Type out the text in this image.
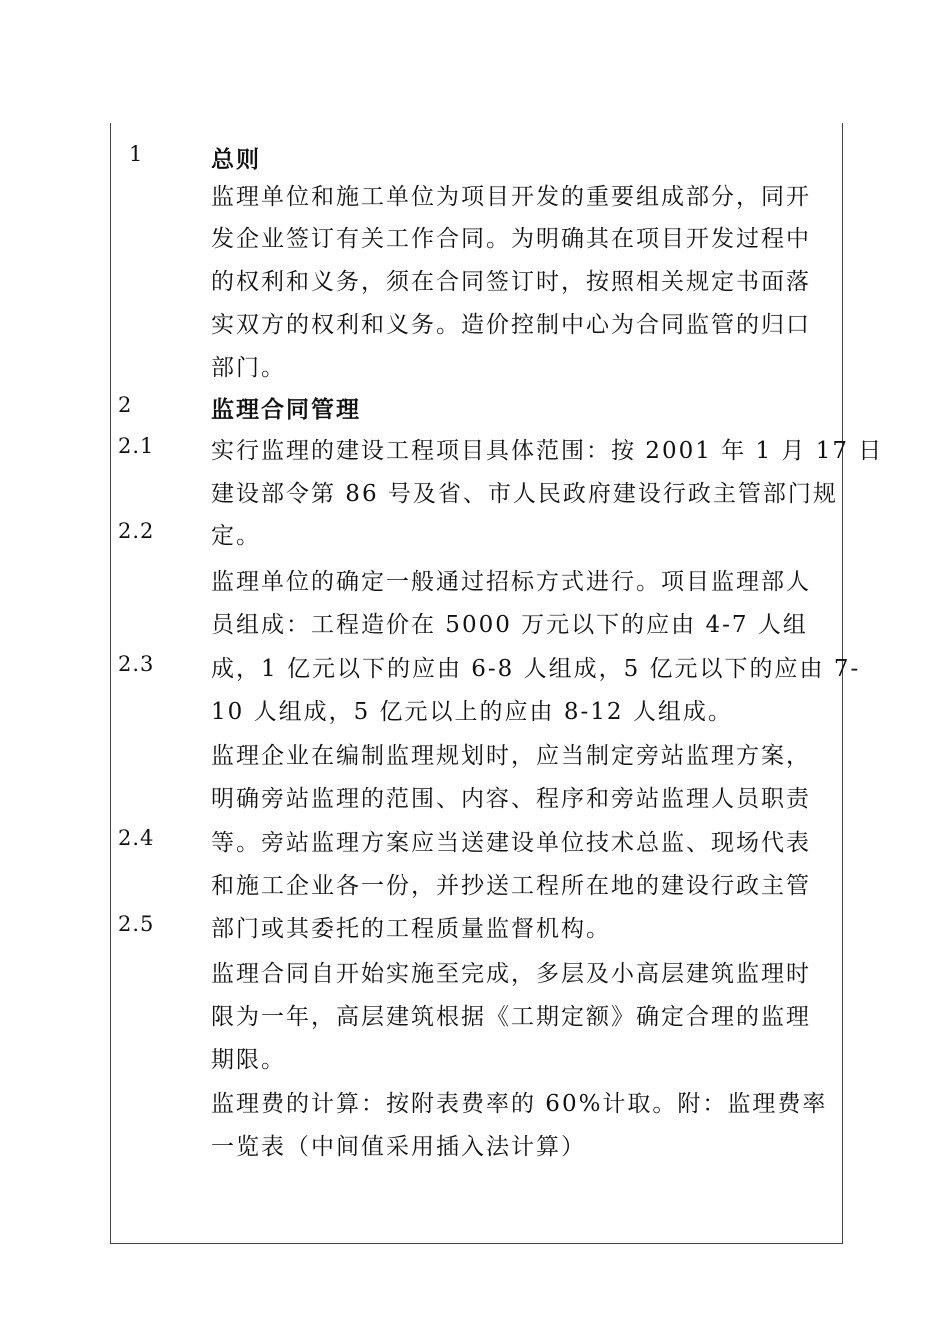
1
2
2.1
2.2
2.3
2.4
2.5
总则
监理单位和施工单位为项目开发的重要组成部分，同开
发企业签订有关工作合同。为明确其在项目开发过程中
的权利和义务，须在合同签订时，按照相关规定书面落
实双方的权利和义务。造价控制中心为合同监管的归口
部门。
监理合同管理
实行监理的建设工程项目具体范围：按 2001 年 1 月 17 日
建设部令第 86 号及省、市人民政府建设行政主管部门规
定。
监理单位的确定一般通过招标方式进行。项目监理部人
员组成：工程造价在 5000 万元以下的应由 4-7 人组
成，1 亿元以下的应由 6-8 人组成，5 亿元以下的应由 7-
10 人组成，5 亿元以上的应由 8-12 人组成。
监理企业在编制监理规划时，应当制定旁站监理方案，
明确旁站监理的范围、内容、程序和旁站监理人员职责
等。旁站监理方案应当送建设单位技术总监、现场代表
和施工企业各一份，并抄送工程所在地的建设行政主管
部门或其委托的工程质量监督机构。
监理合同自开始实施至完成，多层及小高层建筑监理时
限为一年，高层建筑根据《工期定额》确定合理的监理
期限。
监理费的计算：按附表费率的 60%计取。附：监理费率
一览表（中间值采用插入法计算）
